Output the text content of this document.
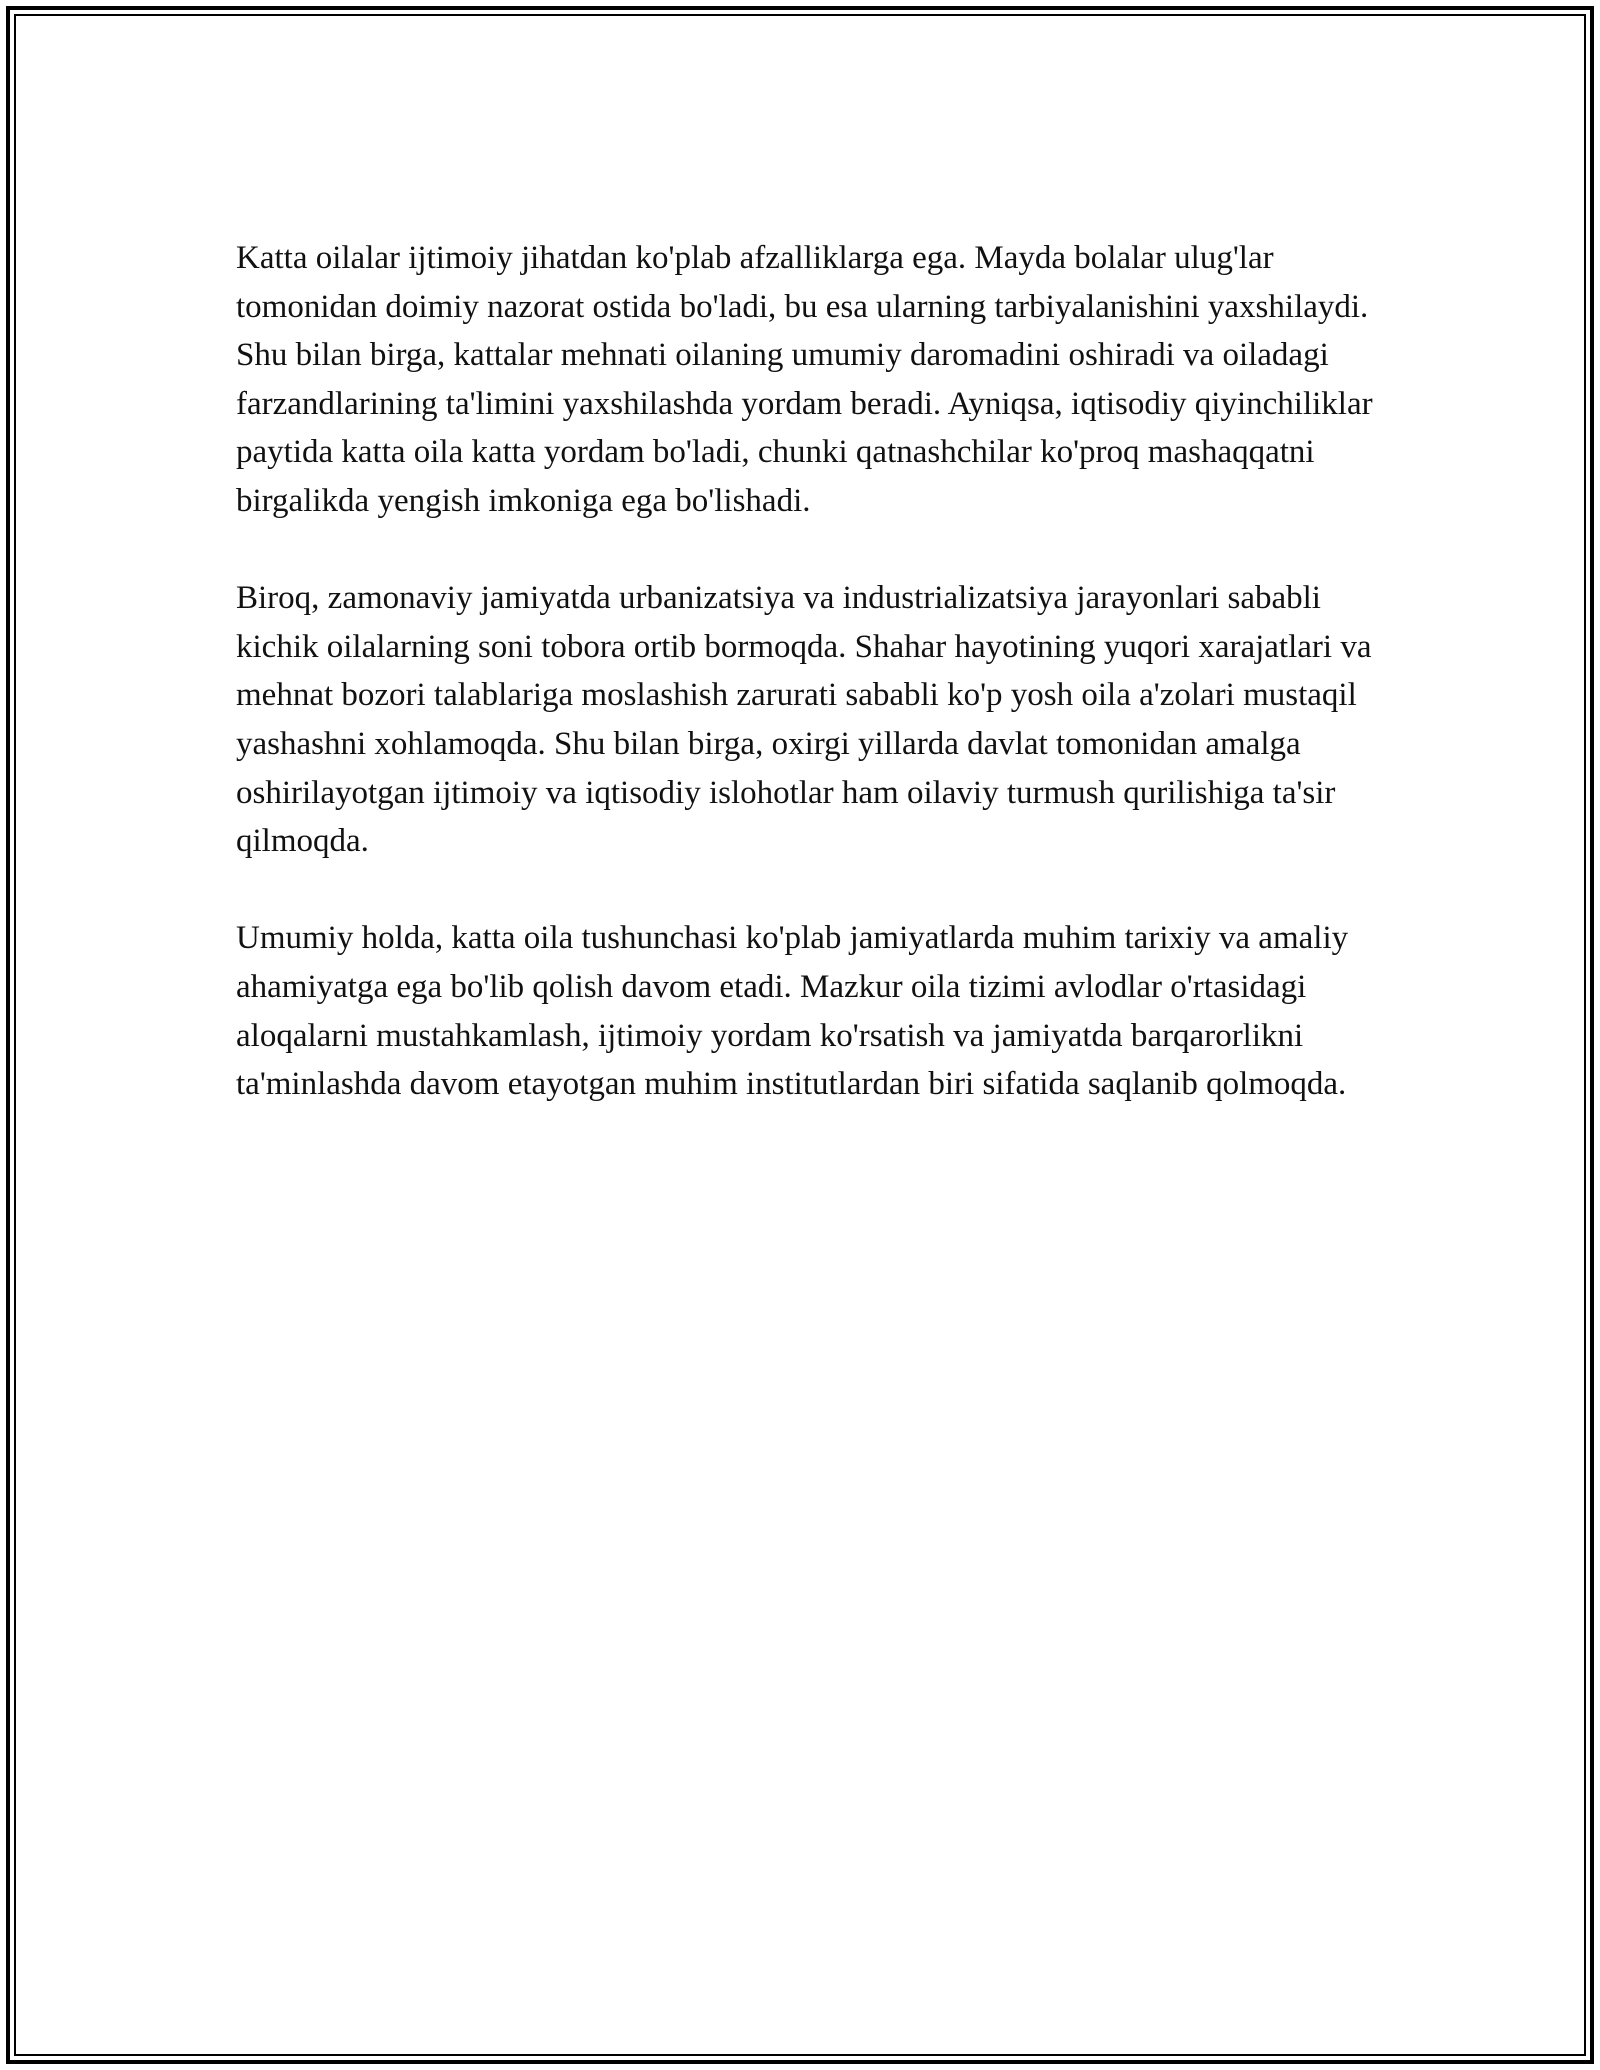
Katta oilalar ijtimoiy jihatdan ko'plab afzalliklarga ega. Mayda bolalar ulug'lar tomonidan doimiy nazorat ostida bo'ladi, bu esa ularning tarbiyalanishini yaxshilaydi. Shu bilan birga, kattalar mehnati oilaning umumiy daromadini oshiradi va oiladagi farzandlarining ta'limini yaxshilashda yordam beradi. Ayniqsa, iqtisodiy qiyinchiliklar paytida katta oila katta yordam bo'ladi, chunki qatnashchilar ko'proq mashaqqatni birgalikda yengish imkoniga ega bo'lishadi.

Biroq, zamonaviy jamiyatda urbanizatsiya va industrializatsiya jarayonlari sababli kichik oilalarning soni tobora ortib bormoqda. Shahar hayotining yuqori xarajatlari va mehnat bozori talablariga moslashish zarurati sababli ko'p yosh oila a'zolari mustaqil yashashni xohlamoqda. Shu bilan birga, oxirgi yillarda davlat tomonidan amalga oshirilayotgan ijtimoiy va iqtisodiy islohotlar ham oilaviy turmush qurilishiga ta'sir qilmoqda.

Umumiy holda, katta oila tushunchasi ko'plab jamiyatlarda muhim tarixiy va amaliy ahamiyatga ega bo'lib qolish davom etadi. Mazkur oila tizimi avlodlar o'rtasidagi aloqalarni mustahkamlash, ijtimoiy yordam ko'rsatish va jamiyatda barqarorlikni ta'minlashda davom etayotgan muhim institutlardan biri sifatida saqlanib qolmoqda.
